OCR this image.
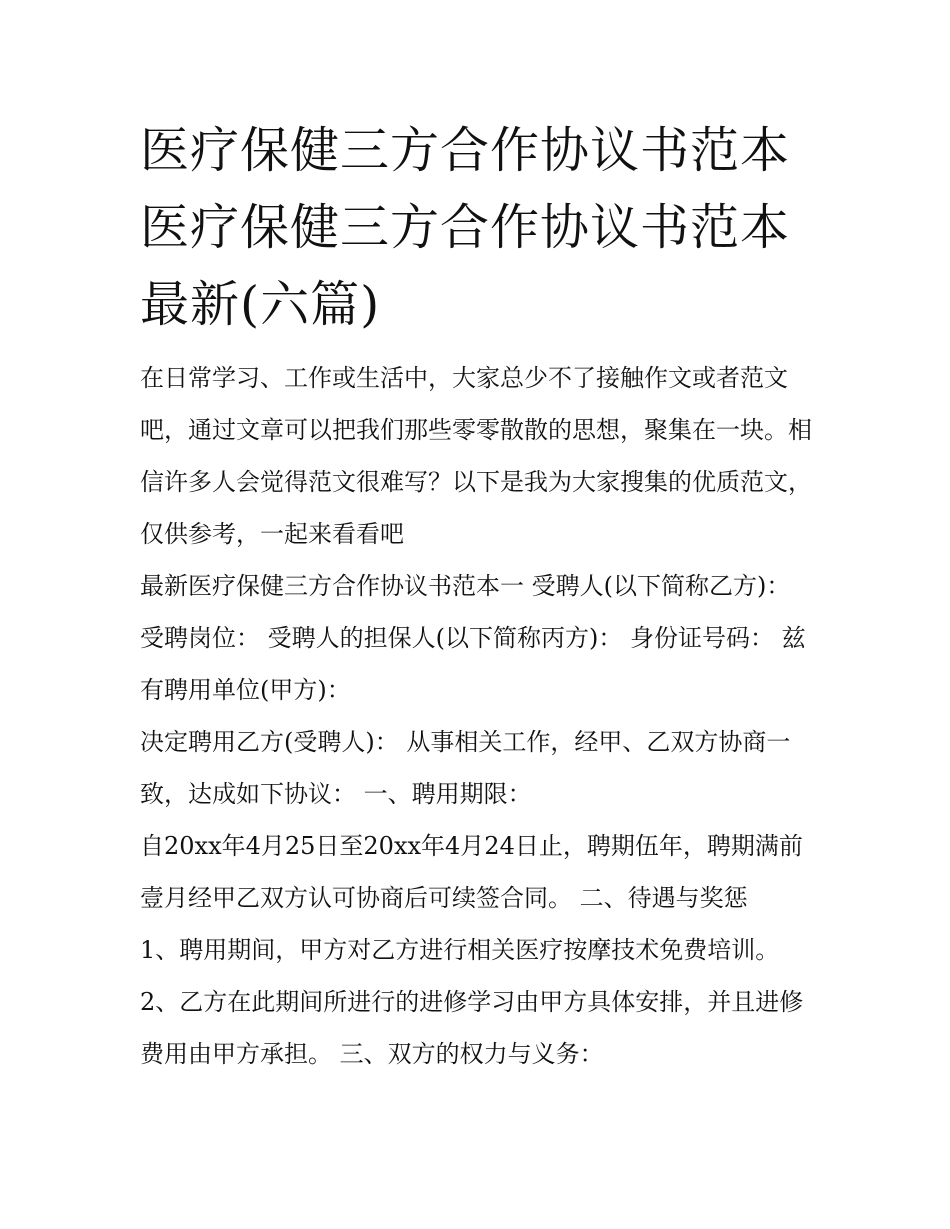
医疗保健三方合作协议书范本
医疗保健三方合作协议书范本
最新(六篇)

在日常学习、工作或生活中，大家总少不了接触作文或者范文吧，通过文章可以把我们那些零零散散的思想，聚集在一块。相信许多人会觉得范文很难写？以下是我为大家搜集的优质范文，仅供参考，一起来看看吧

最新医疗保健三方合作协议书范本一 受聘人(以下简称乙方)： 受聘岗位： 受聘人的担保人(以下简称丙方)： 身份证号码： 兹有聘用单位(甲方)：

决定聘用乙方(受聘人)： 从事相关工作，经甲、乙双方协商一致，达成如下协议： 一、聘用期限：

自20xx年4月25日至20xx年4月24日止，聘期伍年，聘期满前壹月经甲乙双方认可协商后可续签合同。 二、待遇与奖惩

1、聘用期间，甲方对乙方进行相关医疗按摩技术免费培训。

2、乙方在此期间所进行的进修学习由甲方具体安排，并且进修费用由甲方承担。 三、双方的权力与义务：
